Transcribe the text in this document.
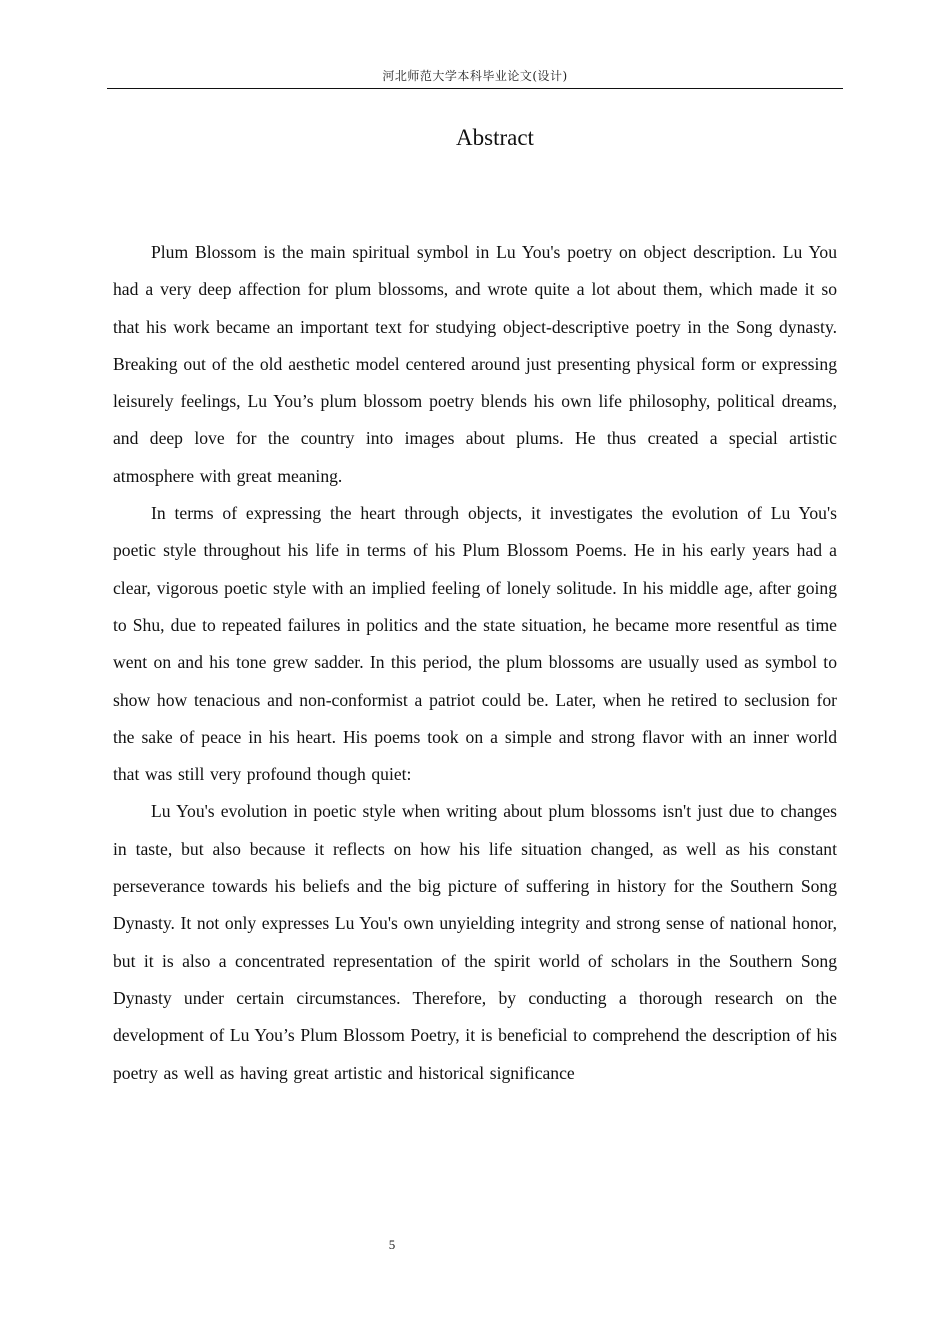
河北师范大学本科毕业论文(设计)
Abstract

Plum Blossom is the main spiritual symbol in Lu You's poetry on object description. Lu You had a very deep affection for plum blossoms, and wrote quite a lot about them, which made it so that his work became an important text for studying object-descriptive poetry in the Song dynasty. Breaking out of the old aesthetic model centered around just presenting physical form or expressing leisurely feelings, Lu You’s plum blossom poetry blends his own life philosophy, political dreams, and deep love for the country into images about plums. He thus created a special artistic atmosphere with great meaning.

In terms of expressing the heart through objects, it investigates the evolution of Lu You's poetic style throughout his life in terms of his Plum Blossom Poems. He in his early years had a clear, vigorous poetic style with an implied feeling of lonely solitude. In his middle age, after going to Shu, due to repeated failures in politics and the state situation, he became more resentful as time went on and his tone grew sadder. In this period, the plum blossoms are usually used as symbol to show how tenacious and non-conformist a patriot could be. Later, when he retired to seclusion for the sake of peace in his heart. His poems took on a simple and strong flavor with an inner world that was still very profound though quiet:

Lu You's evolution in poetic style when writing about plum blossoms isn't just due to changes in taste, but also because it reflects on how his life situation changed, as well as his constant perseverance towards his beliefs and the big picture of suffering in history for the Southern Song Dynasty. It not only expresses Lu You's own unyielding integrity and strong sense of national honor, but it is also a concentrated representation of the spirit world of scholars in the Southern Song Dynasty under certain circumstances. Therefore, by conducting a thorough research on the development of Lu You’s Plum Blossom Poetry, it is beneficial to comprehend the description of his poetry as well as having great artistic and historical significance

5
